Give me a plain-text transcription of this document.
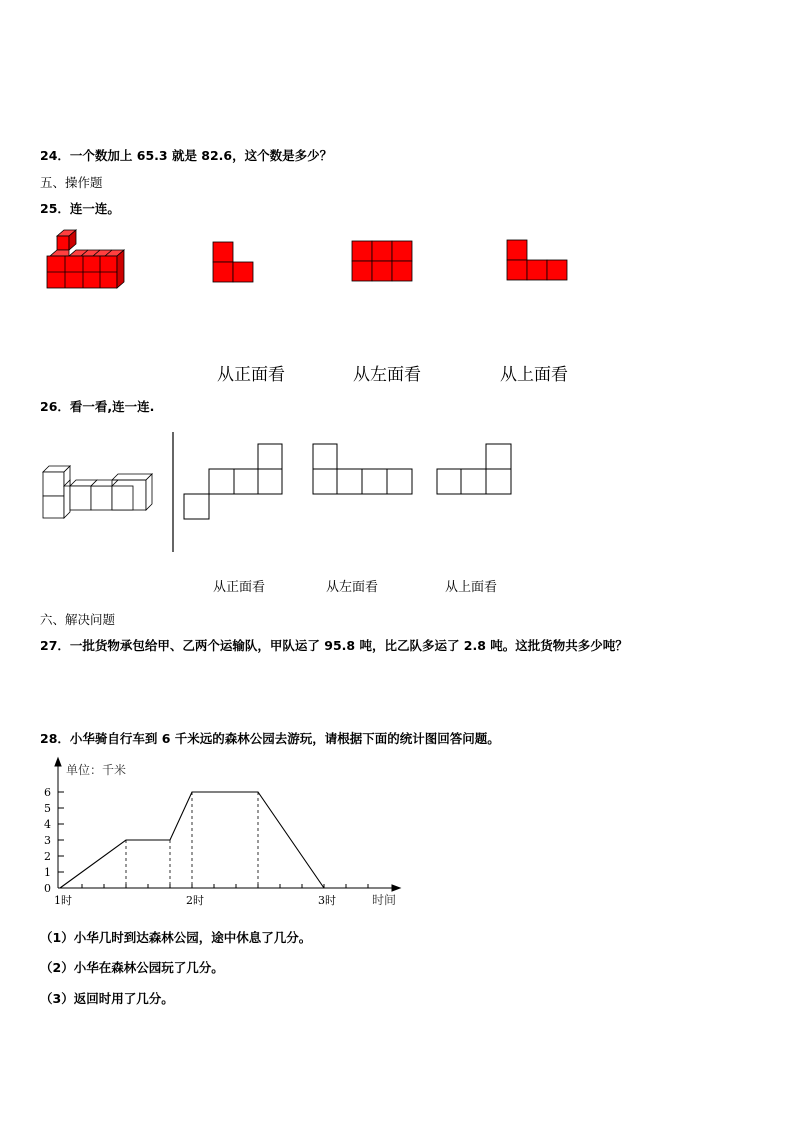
24．一个数加上 65.3 就是 82.6，这个数是多少？
五、操作题
25．连一连。
从正面看	从左面看	从上面看
26．看一看,连一连.
从正面看	从左面看	从上面看
六、解决问题
27．一批货物承包给甲、乙两个运输队，甲队运了 95.8 吨，比乙队多运了 2.8 吨。这批货物共多少吨？
28．小华骑自行车到 6 千米远的森林公园去游玩，请根据下面的统计图回答问题。
0
1
2
3
4
5
6
1时	2时	3时
单位：千米
时间
（1）小华几时到达森林公园，途中休息了几分。
（2）小华在森林公园玩了几分。
（3）返回时用了几分。
